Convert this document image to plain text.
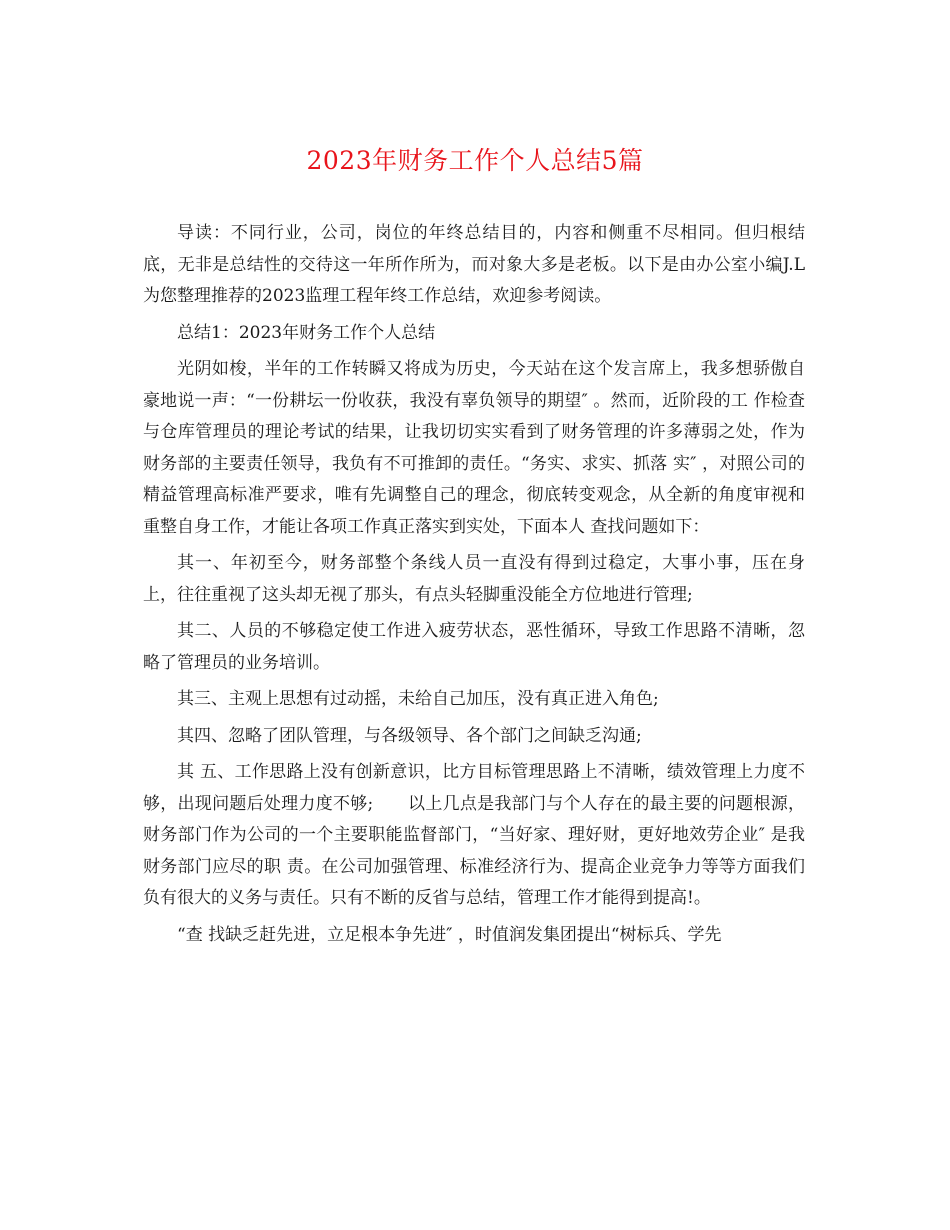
2023年财务工作个人总结5篇

导读：不同行业，公司，岗位的年终总结目的，内容和侧重不尽相同。但归根结底，无非是总结性的交待这一年所作所为，而对象大多是老板。以下是由办公室小编J.L为您整理推荐的2023监理工程年终工作总结，欢迎参考阅读。

总结1：2023年财务工作个人总结

光阴如梭，半年的工作转瞬又将成为历史，今天站在这个发言席上，我多想骄傲自豪地说一声：“一份耕坛一份收获，我没有辜负领导的期望″ 。然而，近阶段的工 作检查与仓库管理员的理论考试的结果，让我切切实实看到了财务管理的许多薄弱之处，作为财务部的主要责任领导，我负有不可推卸的责任。“务实、求实、抓落 实″ ，对照公司的精益管理高标准严要求，唯有先调整自己的理念，彻底转变观念，从全新的角度审视和重整自身工作，才能让各项工作真正落实到实处，下面本人 查找问题如下：

其一、年初至今，财务部整个条线人员一直没有得到过稳定，大事小事，压在身上，往往重视了这头却无视了那头，有点头轻脚重没能全方位地进行管理;

其二、人员的不够稳定使工作进入疲劳状态，恶性循环，导致工作思路不清晰，忽略了管理员的业务培训。

其三、主观上思想有过动摇，未给自己加压，没有真正进入角色;

其四、忽略了团队管理，与各级领导、各个部门之间缺乏沟通;

其 五、工作思路上没有创新意识，比方目标管理思路上不清晰，绩效管理上力度不够，出现问题后处理力度不够;　　以上几点是我部门与个人存在的最主要的问题根源，财务部门作为公司的一个主要职能监督部门，“当好家、理好财，更好地效劳企业″ 是我财务部门应尽的职 责。在公司加强管理、标准经济行为、提高企业竞争力等等方面我们负有很大的义务与责任。只有不断的反省与总结，管理工作才能得到提高!。

“查 找缺乏赶先进，立足根本争先进″ ，时值润发集团提出“树标兵、学先
